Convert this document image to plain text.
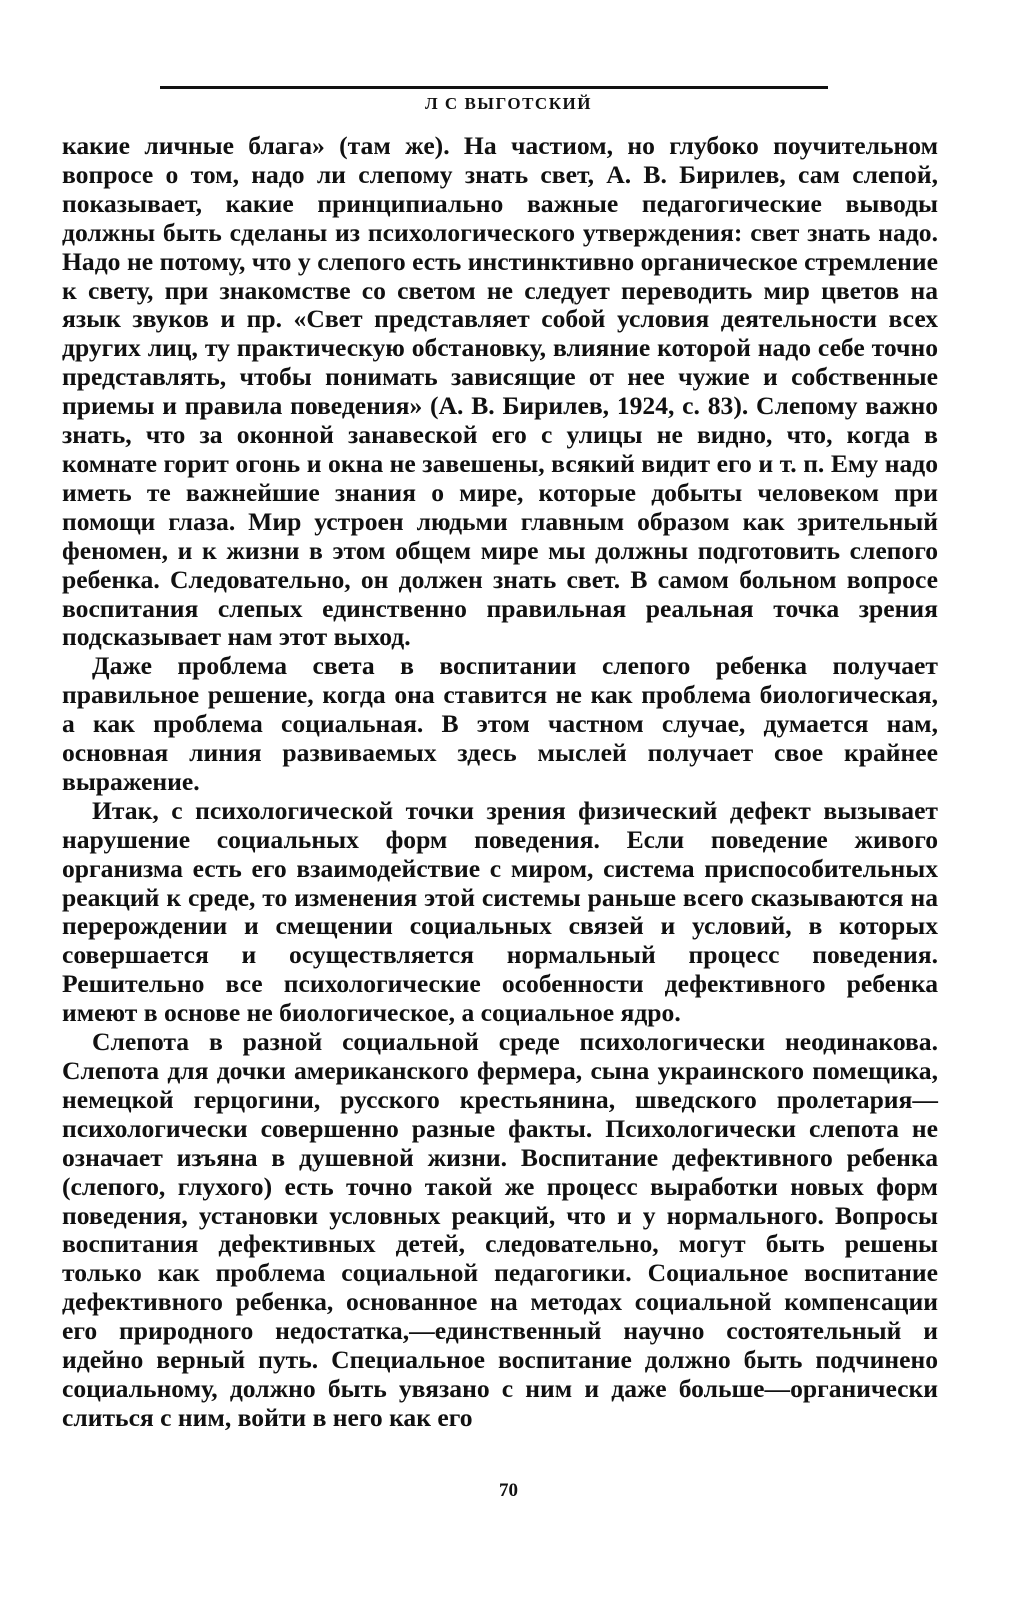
Л С ВЫГОТСКИЙ

какие личные блага» (там же). На частиом, но глубоко поучительном вопросе о том, надо ли слепому знать свет, А. В. Бирилев, сам слепой, показывает, какие принципиально важные педагогические выводы должны быть сделаны из психологического утверждения: свет знать надо. Надо не потому, что у слепого есть инстинктивно органическое стремление к свету, при знакомстве со светом не следует переводить мир цветов на язык звуков и пр. «Свет представляет собой условия деятельности всех других лиц, ту практическую обстановку, влияние которой надо себе точно представлять, чтобы понимать зависящие от нее чужие и собственные приемы и правила поведения» (А. В. Бирилев, 1924, с. 83). Слепому важно знать, что за оконной занавеской его с улицы не видно, что, когда в комнате горит огонь и окна не завешены, всякий видит его и т. п. Ему надо иметь те важнейшие знания о мире, которые добыты человеком при помощи глаза. Мир устроен людьми главным образом как зрительный феномен, и к жизни в этом общем мире мы должны подготовить слепого ребенка. Следовательно, он должен знать свет. В самом больном вопросе воспитания слепых единственно правильная реальная точка зрения подсказывает нам этот выход.

Даже проблема света в воспитании слепого ребенка получает правильное решение, когда она ставится не как проблема биологическая, а как проблема социальная. В этом частном случае, думается нам, основная линия развиваемых здесь мыслей получает свое крайнее выражение.

Итак, с психологической точки зрения физический дефект вызывает нарушение социальных форм поведения. Если поведение живого организма есть его взаимодействие с миром, система приспособительных реакций к среде, то изменения этой системы раньше всего сказываются на перерождении и смещении социальных связей и условий, в которых совершается и осуществляется нормальный процесс поведения. Решительно все психологические особенности дефективного ребенка имеют в основе не биологическое, а социальное ядро.

Слепота в разной социальной среде психологически неодинакова. Слепота для дочки американского фермера, сына украинского помещика, немецкой герцогини, русского крестьянина, шведского пролетария—психологически совершенно разные факты. Психологически слепота не означает изъяна в душевной жизни. Воспитание дефективного ребенка (слепого, глухого) есть точно такой же процесс выработки новых форм поведения, установки условных реакций, что и у нормального. Вопросы воспитания дефективных детей, следовательно, могут быть решены только как проблема социальной педагогики. Социальное воспитание дефективного ребенка, основанное на методах социальной компенсации его природного недостатка,—единственный научно состоятельный и идейно верный путь. Специальное воспитание должно быть подчинено социальному, должно быть увязано с ним и даже больше—органически слиться с ним, войти в него как его

70
